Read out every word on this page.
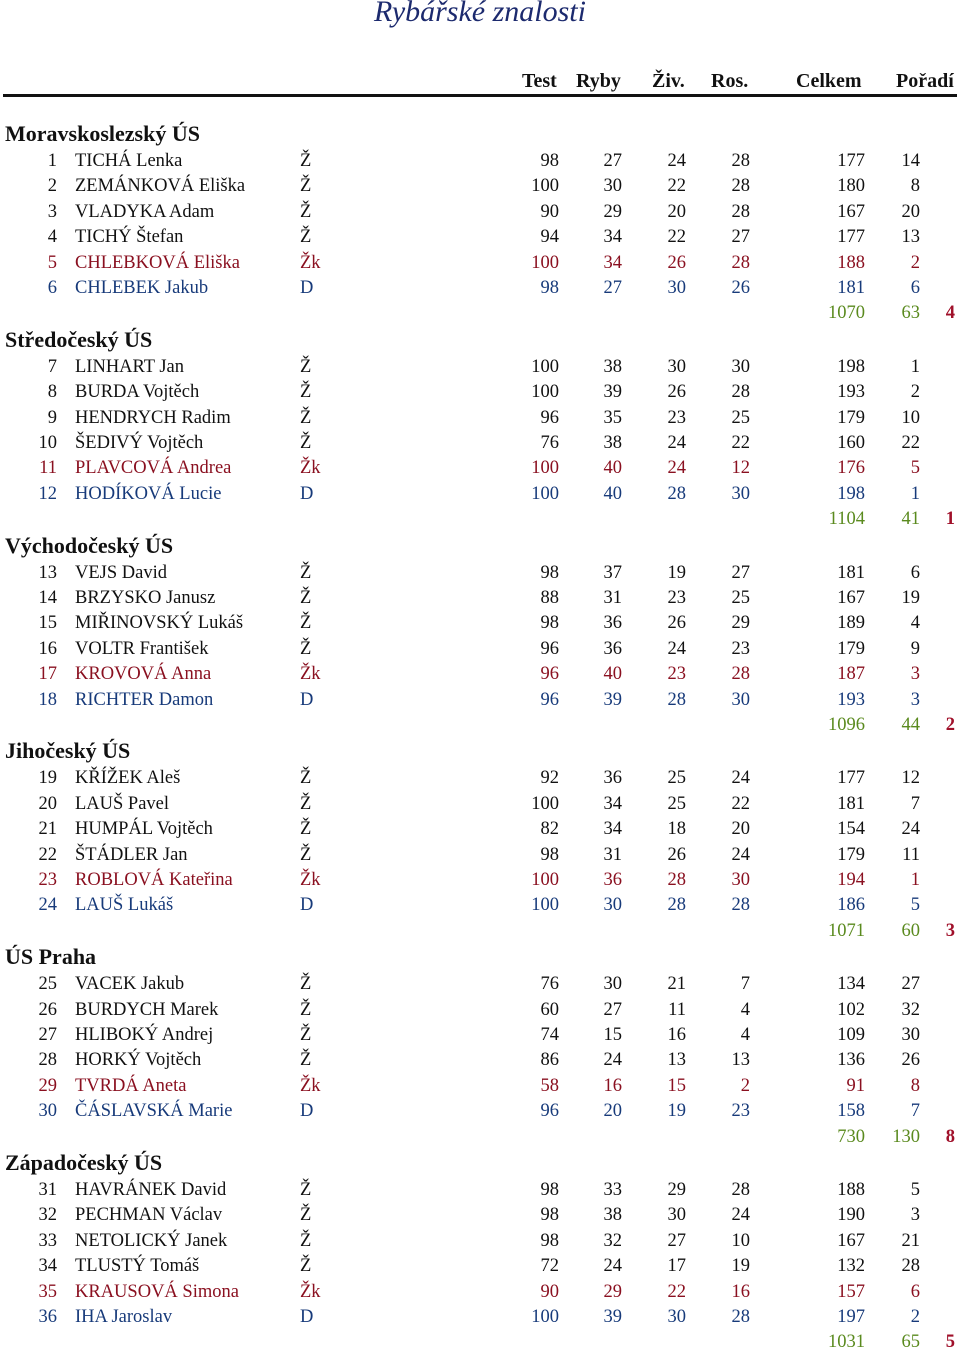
Rybářské znalosti
Test Ryby Živ. Ros. Celkem Pořadí
Moravskoslezský ÚS
1 TICHÁ Lenka	Ž	98	27	24	28	177	14
2 ZEMÁNKOVÁ Eliška	Ž	100	30	22	28	180	8
3 VLADYKA Adam	Ž	90	29	20	28	167	20
4 TICHÝ Štefan	Ž	94	34	22	27	177	13
5 CHLEBKOVÁ Eliška	Žk	100	34	26	28	188	2
6 CHLEBEK Jakub	D	98	27	30	26	181	6
1070	63	4
Středočeský ÚS
7 LINHART Jan	Ž	100	38	30	30	198	1
8 BURDA Vojtěch	Ž	100	39	26	28	193	2
9 HENDRYCH Radim	Ž	96	35	23	25	179	10
10 ŠEDIVÝ Vojtěch	Ž	76	38	24	22	160	22
11 PLAVCOVÁ Andrea	Žk	100	40	24	12	176	5
12 HODÍKOVÁ Lucie	D	100	40	28	30	198	1
1104	41	1
Východočeský ÚS
13 VEJS David	Ž	98	37	19	27	181	6
14 BRZYSKO Janusz	Ž	88	31	23	25	167	19
15 MIŘINOVSKÝ Lukáš	Ž	98	36	26	29	189	4
16 VOLTR František	Ž	96	36	24	23	179	9
17 KROVOVÁ Anna	Žk	96	40	23	28	187	3
18 RICHTER Damon	D	96	39	28	30	193	3
1096	44	2
Jihočeský ÚS
19 KŘÍŽEK Aleš	Ž	92	36	25	24	177	12
20 LAUŠ Pavel	Ž	100	34	25	22	181	7
21 HUMPÁL Vojtěch	Ž	82	34	18	20	154	24
22 ŠTÁDLER Jan	Ž	98	31	26	24	179	11
23 ROBLOVÁ Kateřina	Žk	100	36	28	30	194	1
24 LAUŠ Lukáš	D	100	30	28	28	186	5
1071	60	3
ÚS Praha
25 VACEK Jakub	Ž	76	30	21	7	134	27
26 BURDYCH Marek	Ž	60	27	11	4	102	32
27 HLIBOKÝ Andrej	Ž	74	15	16	4	109	30
28 HORKÝ Vojtěch	Ž	86	24	13	13	136	26
29 TVRDÁ Aneta	Žk	58	16	15	2	91	8
30 ČÁSLAVSKÁ Marie	D	96	20	19	23	158	7
730	130	8
Západočeský ÚS
31 HAVRÁNEK David	Ž	98	33	29	28	188	5
32 PECHMAN Václav	Ž	98	38	30	24	190	3
33 NETOLICKÝ Janek	Ž	98	32	27	10	167	21
34 TLUSTÝ Tomáš	Ž	72	24	17	19	132	28
35 KRAUSOVÁ Simona	Žk	90	29	22	16	157	6
36 IHA Jaroslav	D	100	39	30	28	197	2
1031	65	5
